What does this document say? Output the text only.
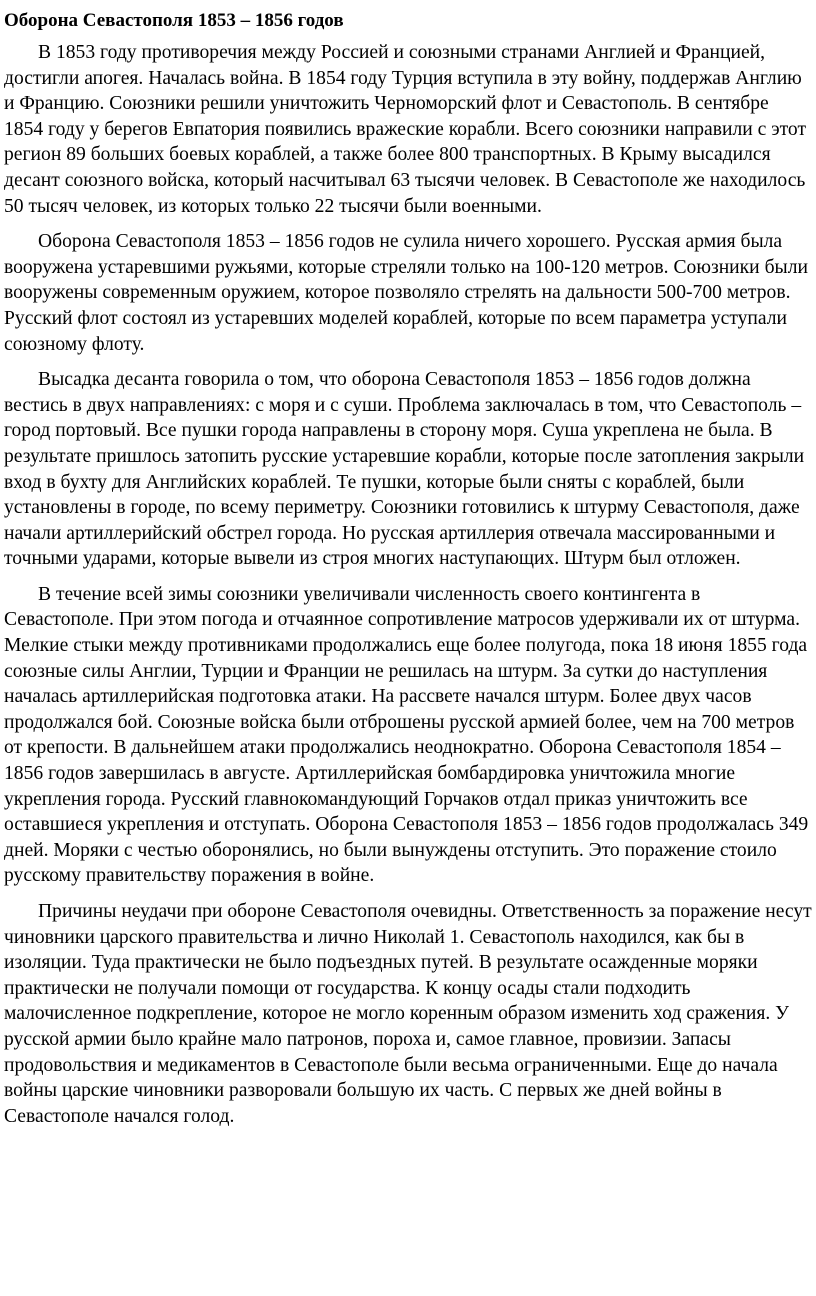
Оборона Севастополя 1853 – 1856 годов

В 1853 году противоречия между Россией и союзными странами Англией и Францией, достигли апогея. Началась война. В 1854 году Турция вступила в эту войну, поддержав Англию и Францию. Союзники решили уничтожить Черноморский флот и Севастополь. В сентябре 1854 году у берегов Евпатория появились вражеские корабли. Всего союзники направили с этот регион 89 больших боевых кораблей, а также более 800 транспортных. В Крыму высадился десант союзного войска, который насчитывал 63 тысячи человек. В Севастополе же находилось 50 тысяч человек, из которых только 22 тысячи были военными.

Оборона Севастополя 1853 – 1856 годов не сулила ничего хорошего. Русская армия была вооружена устаревшими ружьями, которые стреляли только на 100-120 метров. Союзники были вооружены современным оружием, которое позволяло стрелять на дальности 500-700 метров. Русский флот состоял из устаревших моделей кораблей, которые по всем параметра уступали союзному флоту.

Высадка десанта говорила о том, что оборона Севастополя 1853 – 1856 годов должна вестись в двух направлениях: с моря и с суши. Проблема заключалась в том, что Севастополь – город портовый. Все пушки города направлены в сторону моря. Суша укреплена не была. В результате пришлось затопить русские устаревшие корабли, которые после затопления закрыли вход в бухту для Английских кораблей. Те пушки, которые были сняты с кораблей, были установлены в городе, по всему периметру. Союзники готовились к штурму Севастополя, даже начали артиллерийский обстрел города. Но русская артиллерия отвечала массированными и точными ударами, которые вывели из строя многих наступающих. Штурм был отложен.

В течение всей зимы союзники увеличивали численность своего контингента в Севастополе. При этом погода и отчаянное сопротивление матросов удерживали их от штурма. Мелкие стыки между противниками продолжались еще более полугода, пока 18 июня 1855 года союзные силы Англии, Турции и Франции не решилась на штурм. За сутки до наступления началась артиллерийская подготовка атаки. На рассвете начался штурм. Более двух часов продолжался бой. Союзные войска были отброшены русской армией более, чем на 700 метров от крепости. В дальнейшем атаки продолжались неоднократно. Оборона Севастополя 1854 – 1856 годов завершилась в августе. Артиллерийская бомбардировка уничтожила многие укрепления города. Русский главнокомандующий Горчаков отдал приказ уничтожить все оставшиеся укрепления и отступать. Оборона Севастополя 1853 – 1856 годов продолжалась 349 дней. Моряки с честью оборонялись, но были вынуждены отступить. Это поражение стоило русскому правительству поражения в войне.

Причины неудачи при обороне Севастополя очевидны. Ответственность за поражение несут чиновники царского правительства и лично Николай 1. Севастополь находился, как бы в изоляции. Туда практически не было подъездных путей. В результате осажденные моряки практически не получали помощи от государства. К концу осады стали подходить малочисленное подкрепление, которое не могло коренным образом изменить ход сражения. У русской армии было крайне мало патронов, пороха и, самое главное, провизии. Запасы продовольствия и медикаментов в Севастополе были весьма ограниченными. Еще до начала войны царские чиновники разворовали большую их часть. С первых же дней войны в Севастополе начался голод.
